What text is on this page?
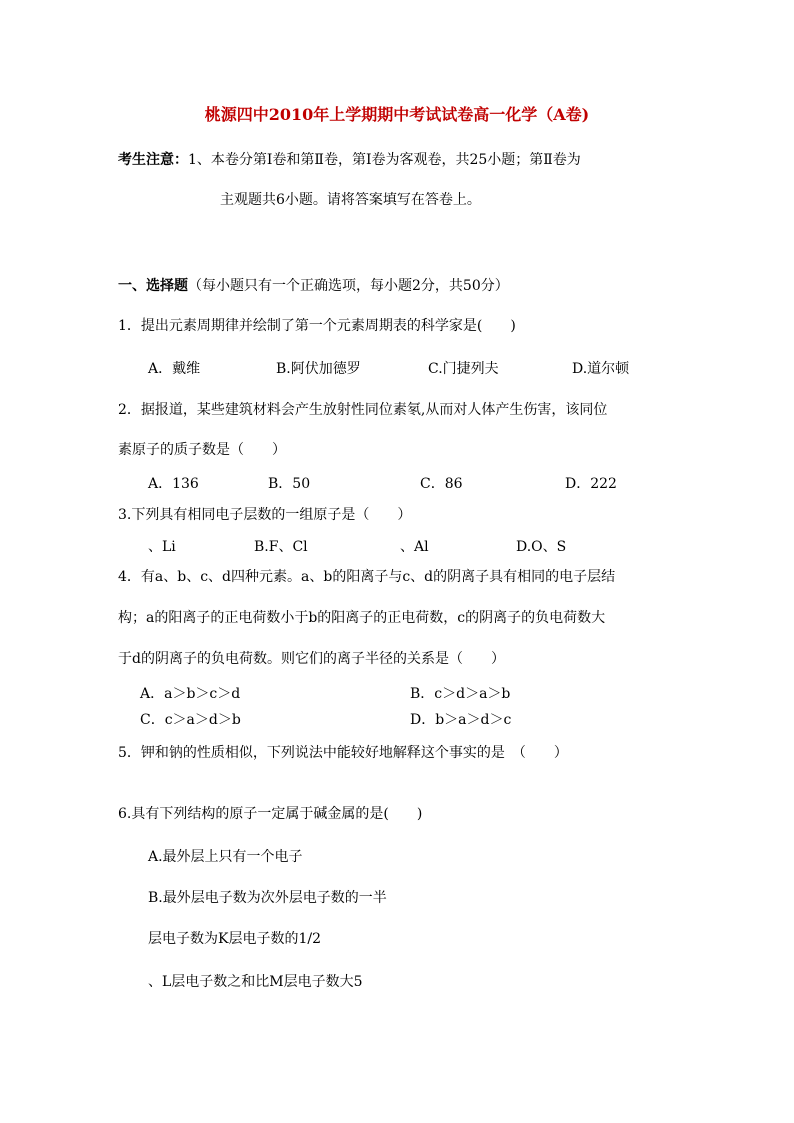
桃源四中2010年上学期期中考试试卷高一化学（A卷)
考生注意：1、本卷分第Ⅰ卷和第Ⅱ卷，第Ⅰ卷为客观卷，共25小题；第Ⅱ卷为
主观题共6小题。请将答案填写在答卷上。
一、选择题（每小题只有一个正确选项，每小题2分，共50分）
1．提出元素周期律并绘制了第一个元素周期表的科学家是(　　)
A．戴维	B.阿伏加德罗	C.门捷列夫	D.道尔顿
2．据报道，某些建筑材料会产生放射性同位素氡,从而对人体产生伤害，该同位
素原子的质子数是（　　）
A．136	B．50	C．86	D．222
3.下列具有相同电子层数的一组原子是（　　）
、Li	B.F、Cl	、Al	D.O、S
4．有a、b、c、d四种元素。a、b的阳离子与c、d的阴离子具有相同的电子层结
构；a的阳离子的正电荷数小于b的阳离子的正电荷数，c的阴离子的负电荷数大
于d的阴离子的负电荷数。则它们的离子半径的关系是（　　）
A．a＞b＞c＞d	B．c＞d＞a＞b
C．c＞a＞d＞b	D．b＞a＞d＞c
5．钾和钠的性质相似，下列说法中能较好地解释这个事实的是　（　　）
6.具有下列结构的原子一定属于碱金属的是(　　)
A.最外层上只有一个电子
B.最外层电子数为次外层电子数的一半
层电子数为K层电子数的1/2
、L层电子数之和比M层电子数大5
